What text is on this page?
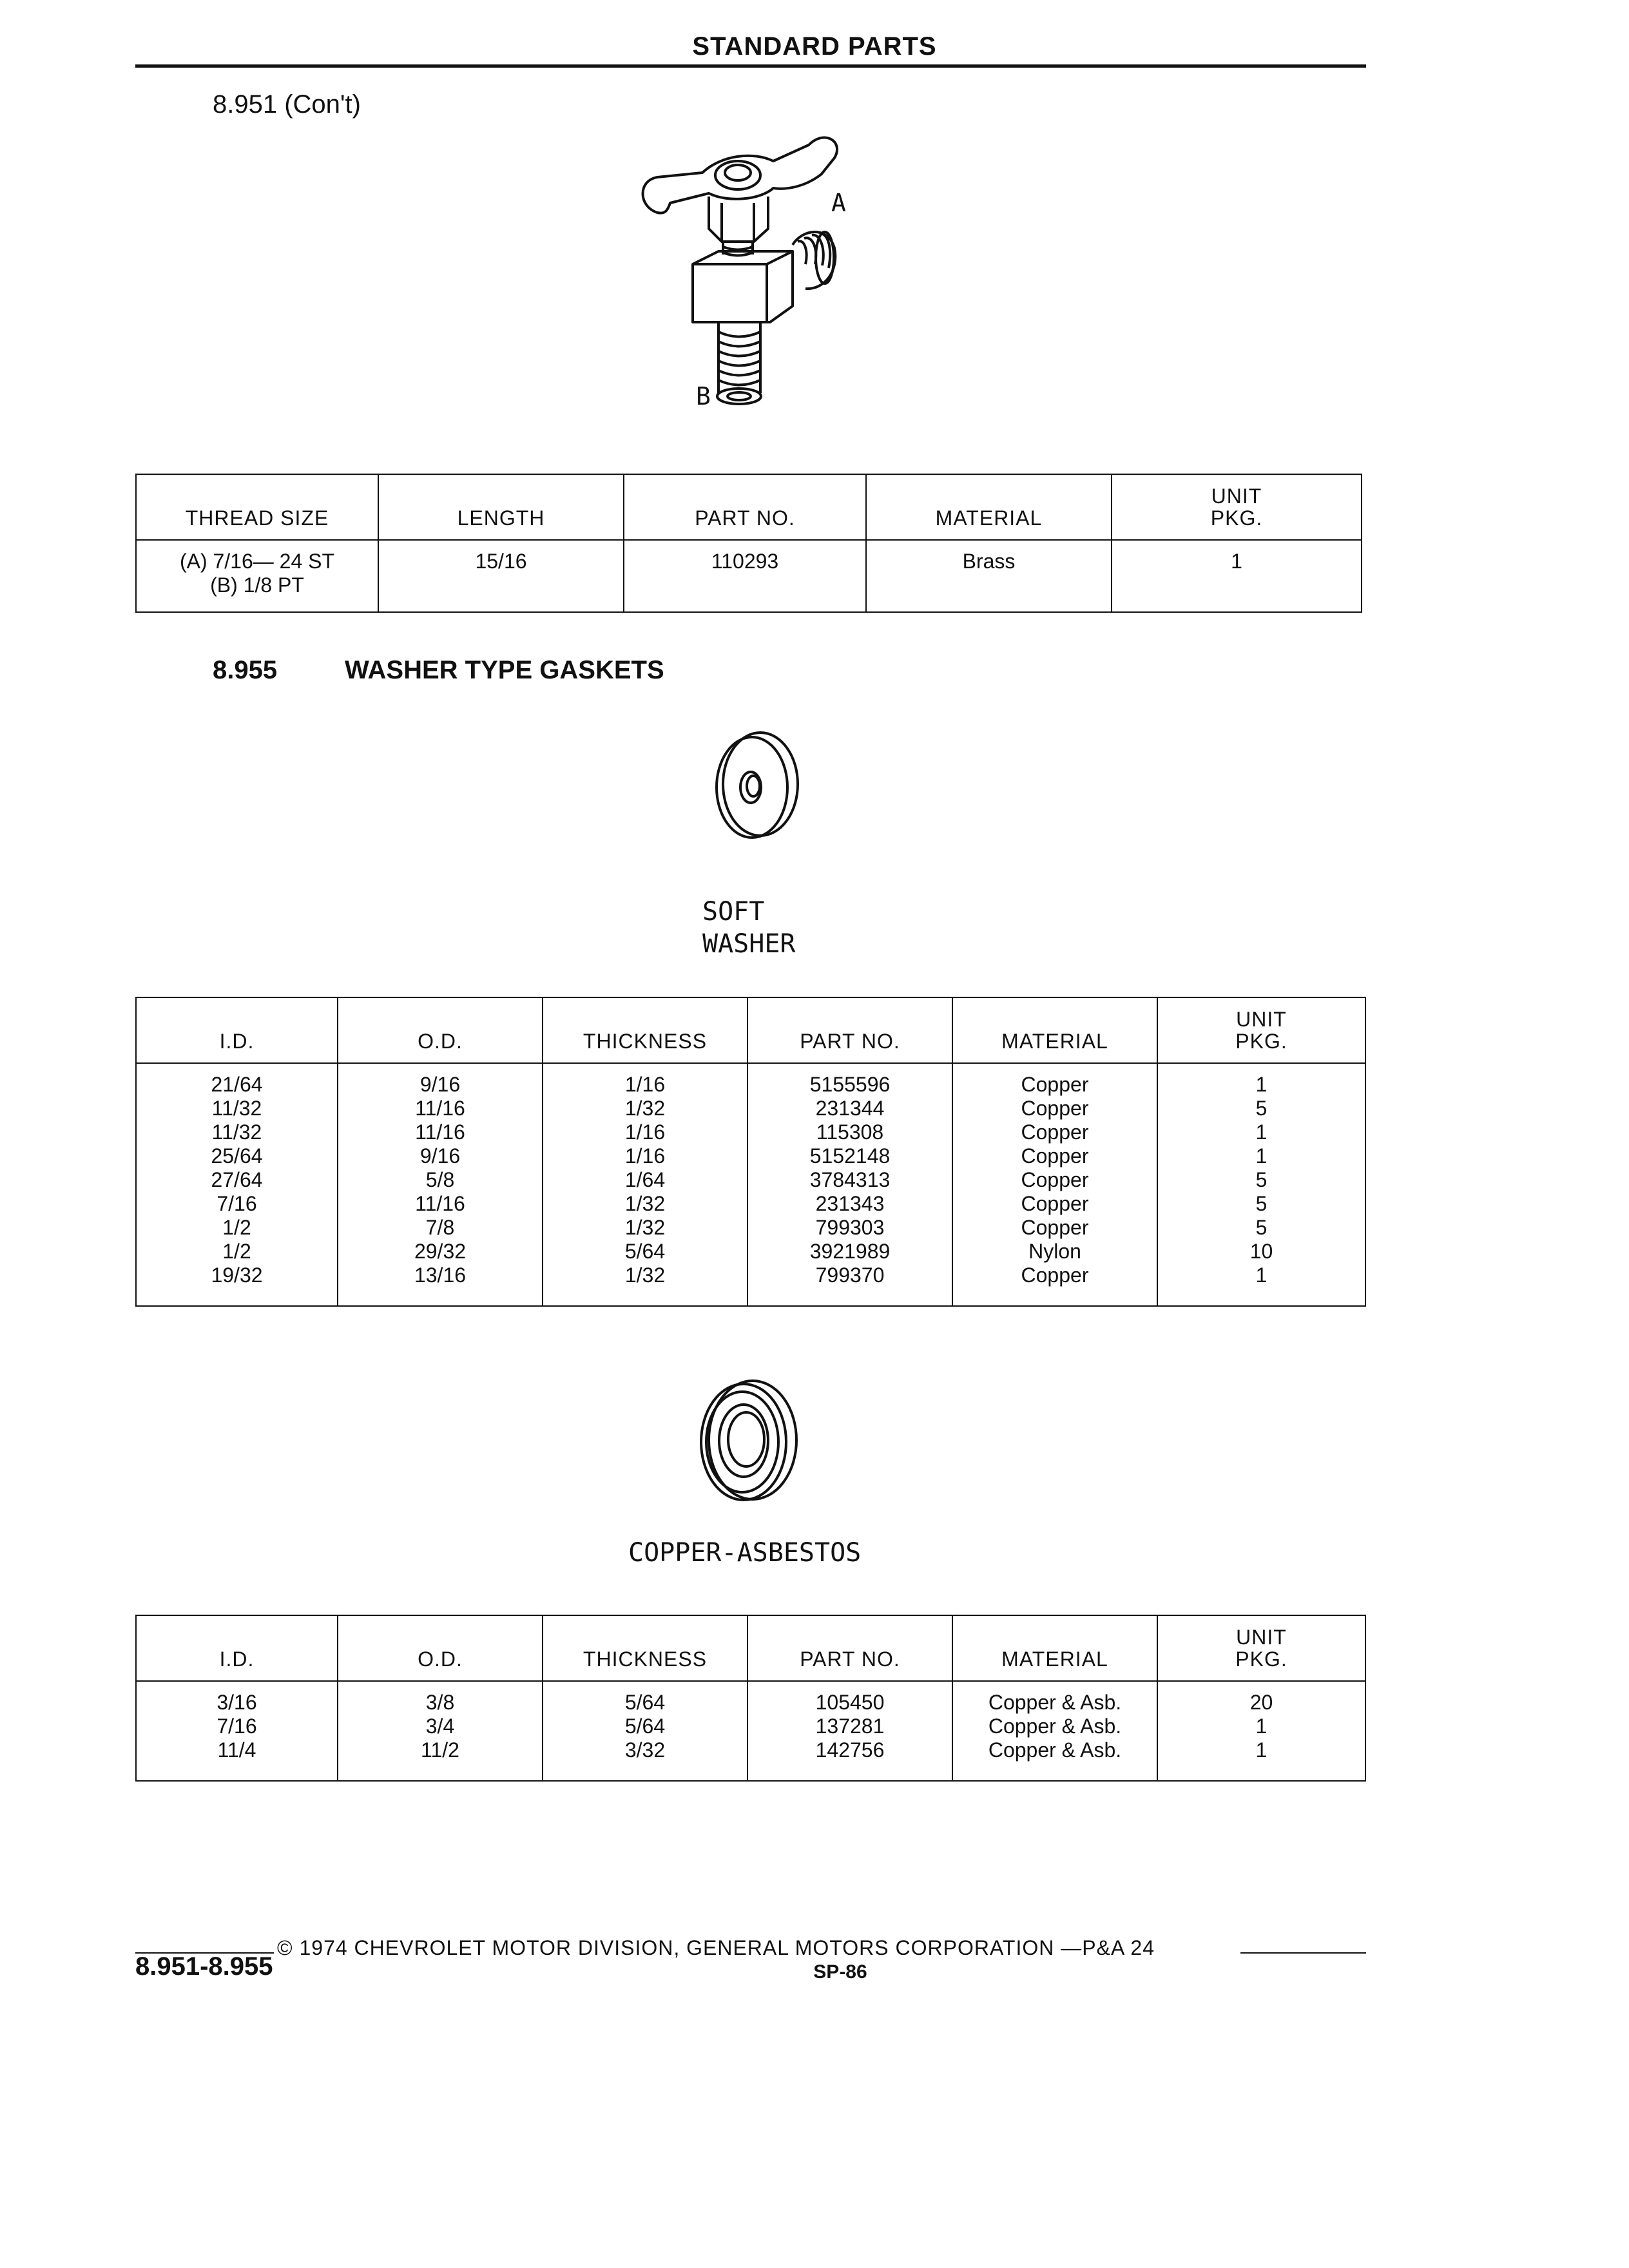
STANDARD PARTS
8.951 (Con't)
A
B
THREAD SIZE	LENGTH	PART NO.	MATERIAL	UNIT
PKG.
(A) 7/16— 24 ST
(B) 1/8 PT	15/16	110293	Brass	1
8.955	WASHER TYPE GASKETS
SOFT
WASHER
I.D.	O.D.	THICKNESS	PART NO.	MATERIAL	UNIT
PKG.
21/64	9/16	1/16	5155596	Copper	1
11/32	11/16	1/32	231344	Copper	5
11/32	11/16	1/16	115308	Copper	1
25/64	9/16	1/16	5152148	Copper	1
27/64	5/8	1/64	3784313	Copper	5
7/16	11/16	1/32	231343	Copper	5
1/2	7/8	1/32	799303	Copper	5
1/2	29/32	5/64	3921989	Nylon	10
19/32	13/16	1/32	799370	Copper	1

COPPER-ASBESTOS
I.D.	O.D.	THICKNESS	PART NO.	MATERIAL	UNIT
PKG.
3/16	3/8	5/64	105450	Copper & Asb.	20
7/16	3/4	5/64	137281	Copper & Asb.	1
11/4	11/2	3/32	142756	Copper & Asb.	1

© 1974 CHEVROLET MOTOR DIVISION, GENERAL MOTORS CORPORATION —P&A 24
8.951-8.955	SP-86
